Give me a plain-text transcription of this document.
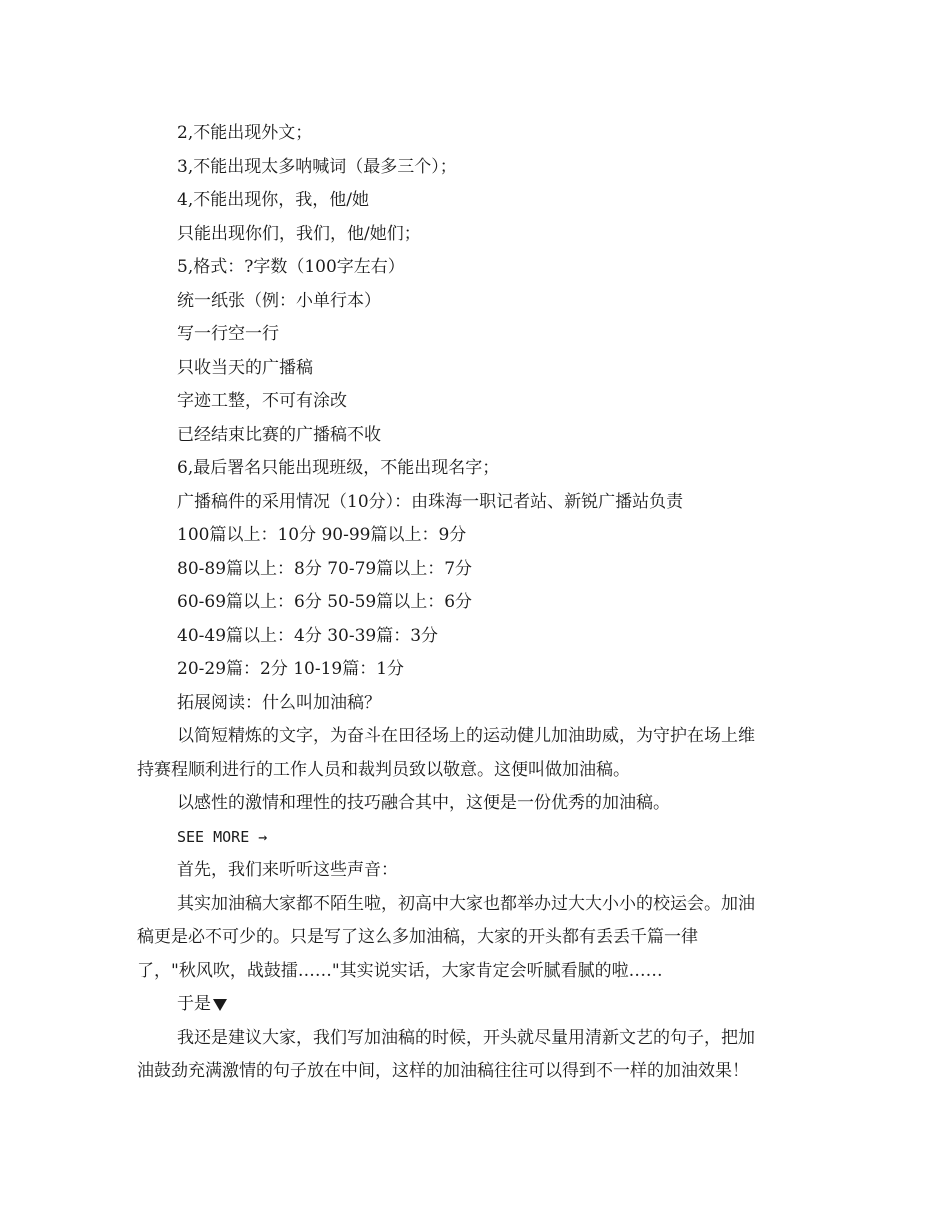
2,不能出现外文；
3,不能出现太多呐喊词（最多三个）；
4,不能出现你，我，他/她
只能出现你们，我们，他/她们；
5,格式：?字数（100字左右）
统一纸张（例：小单行本）
写一行空一行
只收当天的广播稿
字迹工整，不可有涂改
已经结束比赛的广播稿不收
6,最后署名只能出现班级，不能出现名字；
广播稿件的采用情况（10分）：由珠海一职记者站、新锐广播站负责
100篇以上：10分 90-99篇以上：9分
80-89篇以上：8分 70-79篇以上：7分
60-69篇以上：6分 50-59篇以上：6分
40-49篇以上：4分 30-39篇：3分
20-29篇：2分 10-19篇：1分
拓展阅读：什么叫加油稿？
以简短精炼的文字，为奋斗在田径场上的运动健儿加油助威，为守护在场上维
持赛程顺利进行的工作人员和裁判员致以敬意。这便叫做加油稿。
以感性的激情和理性的技巧融合其中，这便是一份优秀的加油稿。
SEE MORE →
首先，我们来听听这些声音：
其实加油稿大家都不陌生啦，初高中大家也都举办过大大小小的校运会。加油
稿更是必不可少的。只是写了这么多加油稿，大家的开头都有丢丢千篇一律
了，"秋风吹，战鼓擂……"其实说实话，大家肯定会听腻看腻的啦……
于是
我还是建议大家，我们写加油稿的时候，开头就尽量用清新文艺的句子，把加
油鼓劲充满激情的句子放在中间，这样的加油稿往往可以得到不一样的加油效果！
